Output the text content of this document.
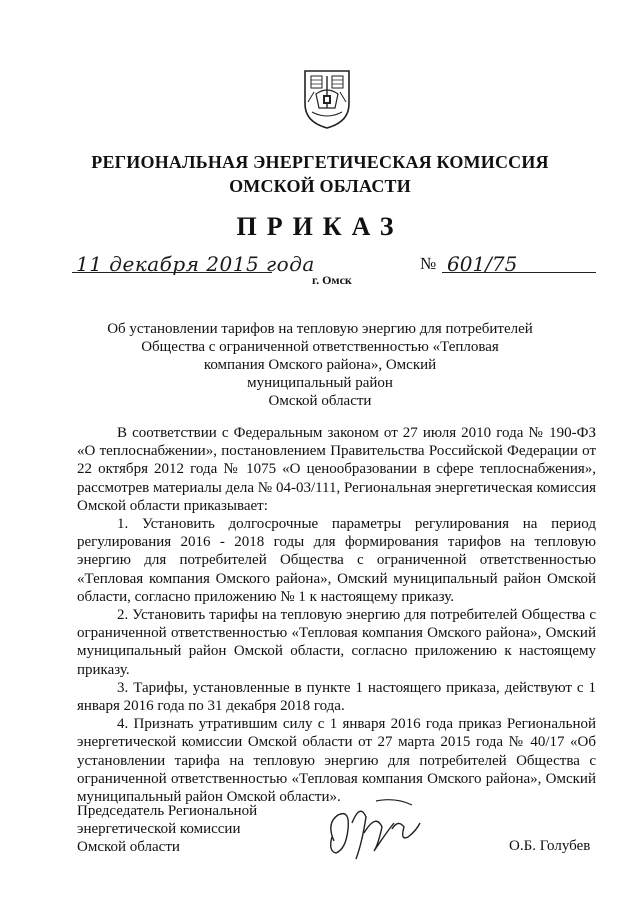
РЕГИОНАЛЬНАЯ ЭНЕРГЕТИЧЕСКАЯ КОМИССИЯ
ОМСКОЙ ОБЛАСТИ
ПРИКАЗ
11 декабря 2015 года
г. Омск
№ 601/75
Об установлении тарифов на тепловую энергию для потребителей
Общества с ограниченной ответственностью «Тепловая
компания Омского района», Омский
муниципальный район
Омской области

В соответствии с Федеральным законом от 27 июля 2010 года № 190-ФЗ «О теплоснабжении», постановлением Правительства Российской Федерации от 22 октября 2012 года № 1075 «О ценообразовании в сфере теплоснабжения», рассмотрев материалы дела № 04-03/111, Региональная энергетическая комиссия Омской области приказывает:

1. Установить долгосрочные параметры регулирования на период регулирования 2016 - 2018 годы для формирования тарифов на тепловую энергию для потребителей Общества с ограниченной ответственностью «Тепловая компания Омского района», Омский муниципальный район Омской области, согласно приложению № 1 к настоящему приказу.

2. Установить тарифы на тепловую энергию для потребителей Общества с ограниченной ответственностью «Тепловая компания Омского района», Омский муниципальный район Омской области, согласно приложению к настоящему приказу.

3. Тарифы, установленные в пункте 1 настоящего приказа, действуют с 1 января 2016 года по 31 декабря 2018 года.

4. Признать утратившим силу с 1 января 2016 года приказ Региональной энергетической комиссии Омской области от 27 марта 2015 года № 40/17 «Об установлении тарифа на тепловую энергию для потребителей Общества с ограниченной ответственностью «Тепловая компания Омского района», Омский муниципальный район Омской области».

Председатель Региональной
энергетической комиссии
Омской области	О.Б. Голубев
